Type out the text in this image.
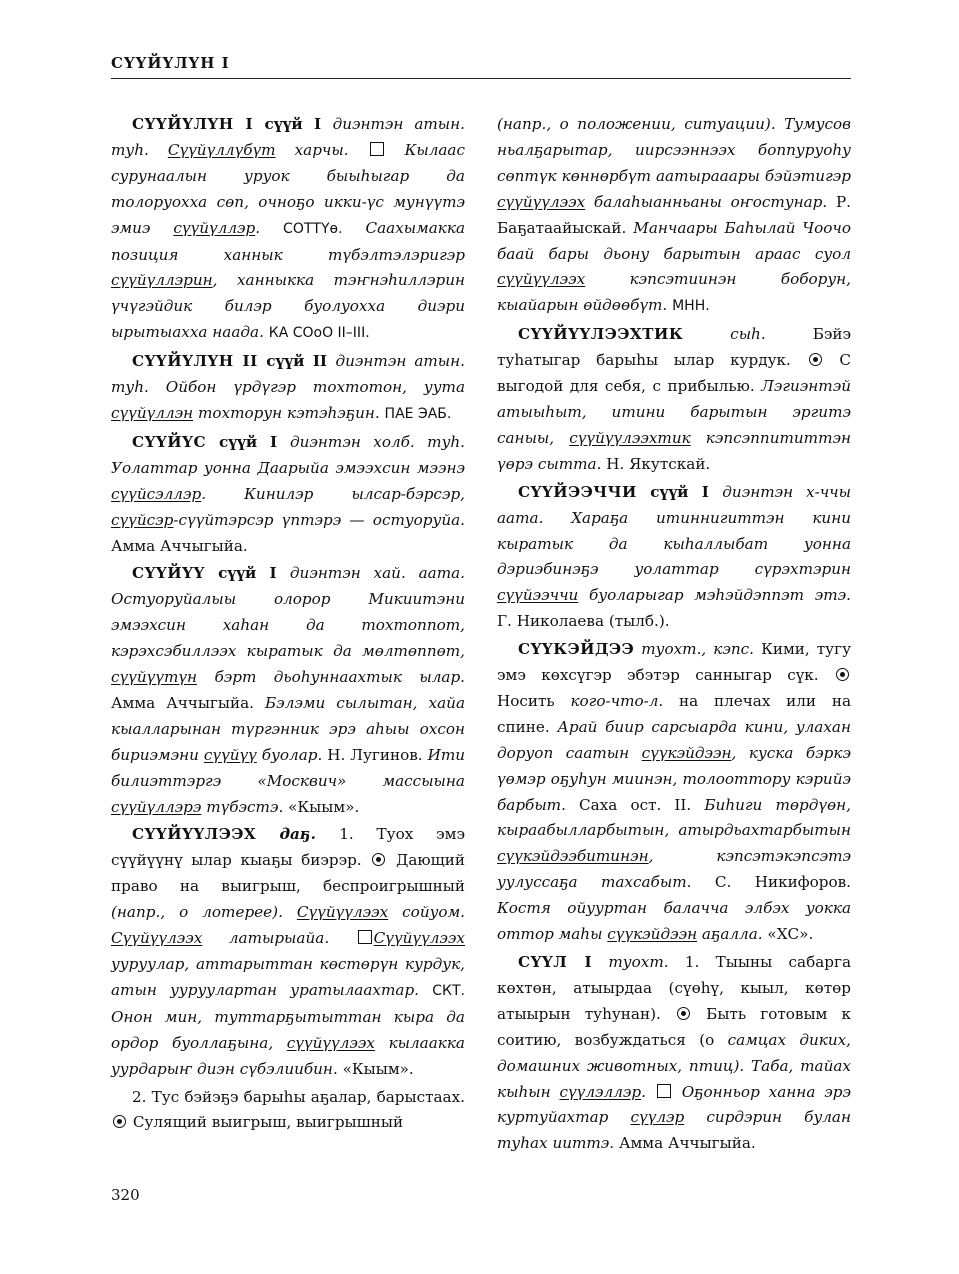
СҮҮЙҮЛҮН I

СҮҮЙҮЛҮН I сүүй I диэнтэн атын. туһ. Сүүйүллүбүт харчы.  Кылаас сурунаалын уруок быыһыгар да толоруохха сөп, очноҕо икки-үс мунүүтэ эмиэ сүүйүллэр. СОТТҮө. Саахымакка позиция ханнык түбэлтэлэригэр сүүйүллэрин, ханныкка тэҥнэһиллэрин үчүгэйдик билэр буолуохха диэри ырытыахха наада. КА СОоО II–III.

СҮҮЙҮЛҮН II сүүй II диэнтэн атын. туһ. Ойбон үрдүгэр тохтотон, уута сүүйүллэн тохторун кэтэһэҕин. ПАЕ ЭАБ.

СҮҮЙҮС сүүй I диэнтэн холб. туһ. Уолаттар уонна Даарыйа эмээхсин мээнэ сүүйсэллэр. Кинилэр ылсар-бэрсэр, сүүйсэр-сүүйтэрсэр үптэрэ — остуоруйа. Амма Аччыгыйа.

СҮҮЙҮҮ сүүй I диэнтэн хай. аата. Остуоруйалыы олорор Микиитэни эмээхсин хаһан да тохтоппот, кэрэхсэбиллээх кыратык да мөлтөппөт, сүүйүүтүн бэрт дьоһуннаахтык ылар. Амма Аччыгыйа. Бэлэми сылытан, хайа кыалларынан түргэнник эрэ аһыы охсон бириэмэни сүүйүү буолар. Н. Лугинов. Ити билиэттэргэ «Москвич» массыына сүүйүллэрэ түбэстэ. «Кыым».

СҮҮЙҮҮЛЭЭХ даҕ. 1. Туох эмэ сүүйүүнү ылар кыаҕы биэрэр.  Дающий право на выигрыш, беспроигрышный (напр., о лотерее). Сүүйүүлээх сойуом. Сүүйүүлээх латырыайа. Сүүйүүлээх ууруулар, аттарыттан көстөрүн курдук, атын ууруулартан уратылаахтар. СКТ. Онон мин, туттарҕытыттан кыра да ордор буоллаҕына, сүүйүүлээх кылаакка уурдарыҥ диэн сүбэлиибин. «Кыым».

2. Тус бэйэҕэ барыһы аҕалар, барыстаах.  Сулящий выигрыш, выигрышный

(напр., о положении, ситуации). Тумусов ньалҕарытар, иирсээннээх боппуруоһу сөптүк көннөрбүт аатырааары бэйэтигэр сүүйүүлээх балаһыанньаны оҥостунар. Р. Баҕатаайыскай. Манчаары Баһылай Чоочо баай бары дьону барытын араас суол сүүйүүлээх кэпсэтиинэн боборун, кыайарын өйдөөбүт. МНН.

СҮҮЙҮҮЛЭЭХТИК сыһ. Бэйэ туһатыгар барыһы ылар курдук.  С выгодой для себя, с прибылью. Лэгиэнтэй атыыһыт, итини барытын эргитэ саныы, сүүйүүлээхтик кэпсэппититтэн үөрэ сытта. Н. Якутскай.

СҮҮЙЭЭЧЧИ сүүй I диэнтэн х-ччы аата. Хараҕа итиннигиттэн кини кыратык да кыһаллыбат уонна дэриэбинэҕэ уолаттар сүрэхтэрин сүүйээччи буоларыгар мэһэйдэппэт этэ. Г. Николаева (тылб.).

СҮҮКЭЙДЭЭ туохт., кэпс. Кими, тугу эмэ көхсүгэр эбэтэр санныгар сүк.  Носить кого-что-л. на плечах или на спине. Арай биир сарсыарда кини, улахан доруоп саатын сүүкэйдээн, куска бэркэ үөмэр оҕуһун миинэн, толооттору кэрийэ барбыт. Саха ост. II. Биһиги төрдүөн, кыраабылларбытын, атырдьахтарбытын сүүкэйдээбитинэн, кэпсэтэкэпсэтэ уулуссаҕа тахсабыт. С. Никифоров. Костя ойууртан балачча элбэх уокка оттор маһы сүүкэйдээн аҕалла. «ХС».

СҮҮЛ I туохт. 1. Тыыны сабарга көхтөн, атыырдаа (сүөһү, кыыл, көтөр атыырын туһунан).  Быть готовым к соитию, возбуждаться (о самцах диких, домашних животных, птиц). Таба, тайах кыһын сүүлэллэр.  Оҕонньор ханна эрэ куртуйахтар сүүлэр сирдэрин булан туһах ииттэ. Амма Аччыгыйа.

320
